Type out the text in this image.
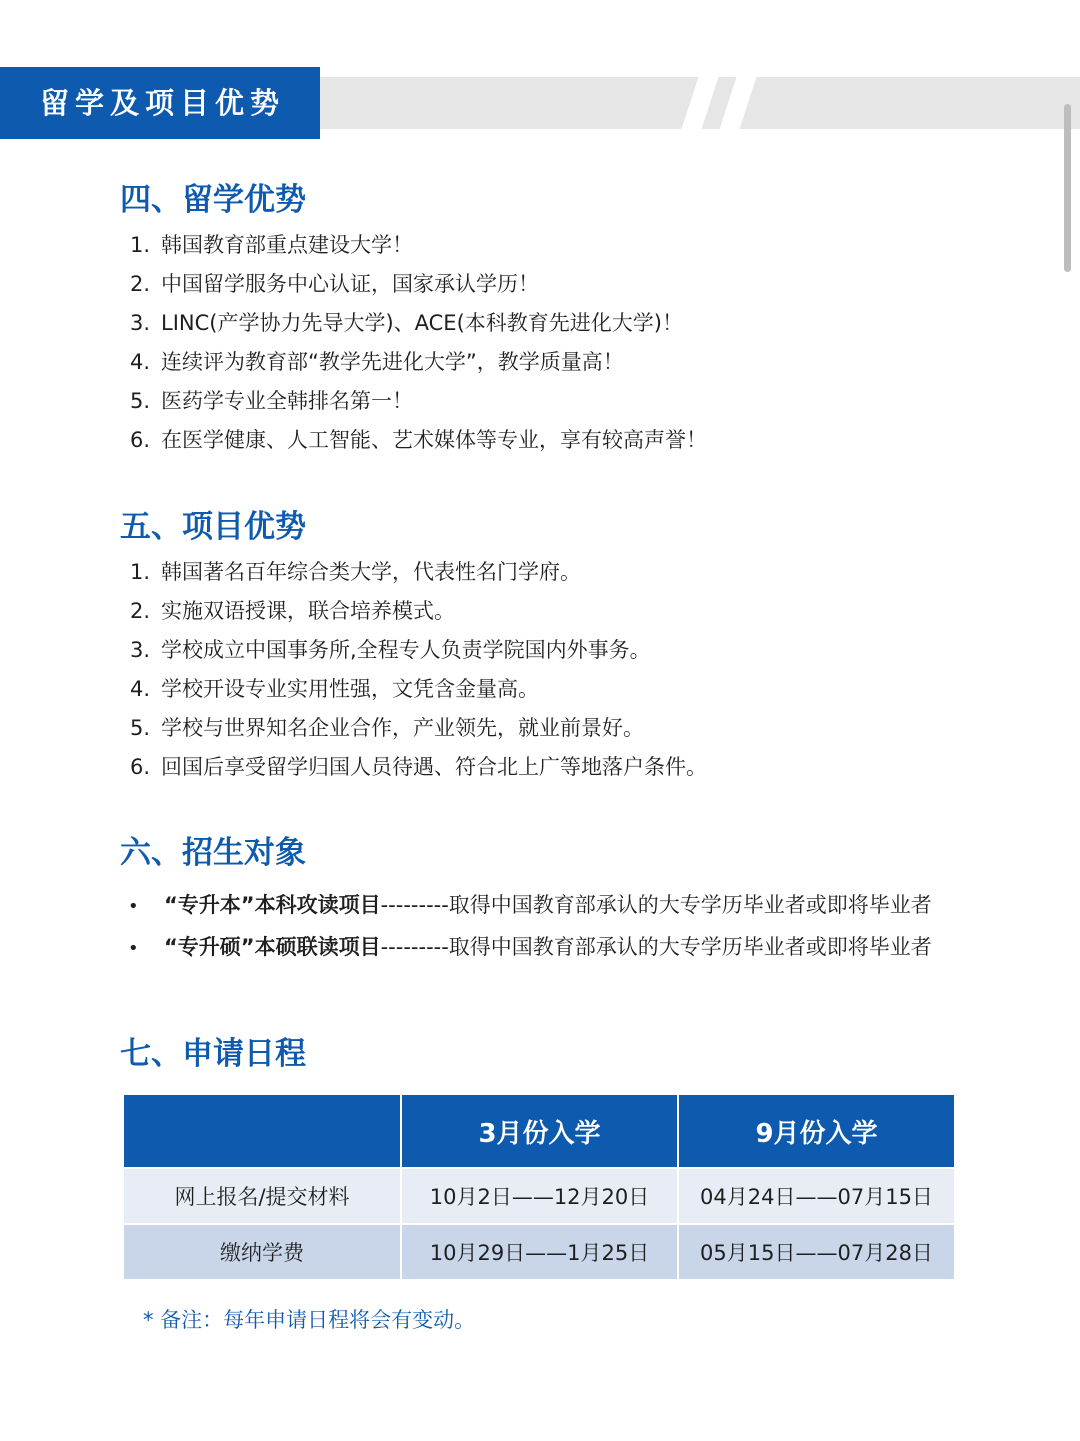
留学及项目优势
四、留学优势
1. 韩国教育部重点建设大学！
2. 中国留学服务中心认证，国家承认学历！
3. LINC(产学协力先导大学)、ACE(本科教育先进化大学)！
4. 连续评为教育部“教学先进化大学”，教学质量高！
5. 医药学专业全韩排名第一！
6. 在医学健康、人工智能、艺术媒体等专业，享有较高声誉！
五、项目优势
1. 韩国著名百年综合类大学，代表性名门学府。
2. 实施双语授课，联合培养模式。
3. 学校成立中国事务所,全程专人负责学院国内外事务。
4. 学校开设专业实用性强，文凭含金量高。
5. 学校与世界知名企业合作，产业领先，就业前景好。
6. 回国后享受留学归国人员待遇、符合北上广等地落户条件。
六、招生对象
• “专升本”本科攻读项目---------取得中国教育部承认的大专学历毕业者或即将毕业者
• “专升硕”本硕联读项目---------取得中国教育部承认的大专学历毕业者或即将毕业者
七、申请日程
	3月份入学	9月份入学
网上报名/提交材料	10月2日——12月20日	04月24日——07月15日
缴纳学费	10月29日——1月25日	05月15日——07月28日
* 备注：每年申请日程将会有变动。
